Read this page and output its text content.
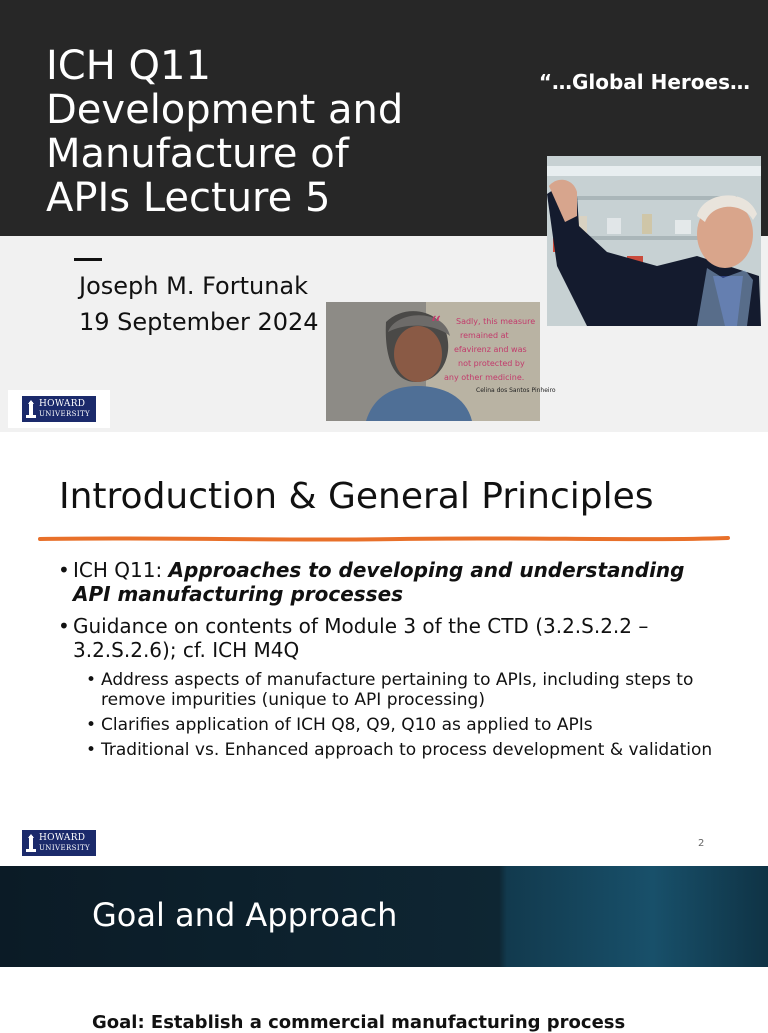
ICH Q11
Development and
Manufacture of
APIs Lecture 5
“…Global Heroes…
Joseph M. Fortunak
19 September 2024	Sadly, this measure
remained at
efavirenz and was
not protected by
any other medicine.
Celina dos Santos Pinheiro
“
HOWARD
UNIVERSITY
Introduction & General Principles
• ICH Q11: Approaches to developing and understanding API manufacturing processes
• Guidance on contents of Module 3 of the CTD (3.2.S.2.2 – 3.2.S.2.6); cf. ICH M4Q
• Address aspects of manufacture pertaining to APIs, including steps to remove impurities (unique to API processing)
• Clarifies application of ICH Q8, Q9, Q10 as applied to APIs
• Traditional vs. Enhanced approach to process development & validation
HOWARD
UNIVERSITY	2
Goal and Approach
Goal: Establish a commercial manufacturing process
